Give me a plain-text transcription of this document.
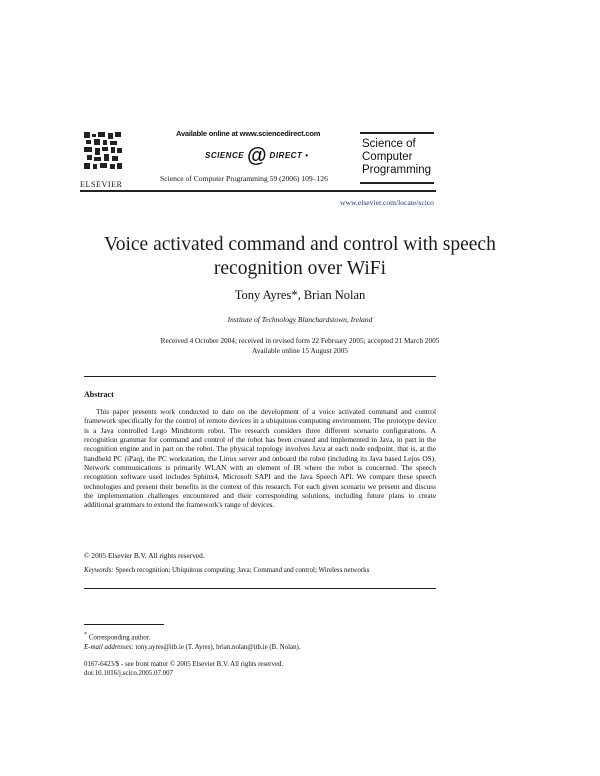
ELSEVIER
Available online at www.sciencedirect.com
SCIENCE @ DIRECT •
Science of Computer Programming 59 (2006) 109–126
Science of
Computer
Programming
www.elsevier.com/locate/scico
Voice activated command and control with speech recognition over WiFi
Tony Ayres*, Brian Nolan
Institute of Technology Blanchardstown, Ireland
Received 4 October 2004; received in revised form 22 February 2005; accepted 21 March 2005
Available online 15 August 2005
Abstract
This paper presents work conducted to date on the development of a voice activated command and control framework specifically for the control of remote devices in a ubiquitous computing environment. The prototype device is a Java controlled Lego Mindstorm robot. The research considers three different scenario configurations. A recognition grammar for command and control of the robot has been created and implemented in Java, in part in the recognition engine and in part on the robot. The physical topology involves Java at each node endpoint, that is, at the handheld PC (iPaq), the PC workstation, the Linux server and onboard the robot (including its Java based Lejos OS). Network communications is primarily WLAN with an element of IR where the robot is concerned. The speech recognition software used includes Sphinx4, Microsoft SAPI and the Java Speech API. We compare these speech technologies and present their benefits in the context of this research. For each given scenario we present and discuss the implementation challenges encountered and their corresponding solutions, including future plans to create additional grammars to extend the framework's range of devices.
© 2005 Elsevier B.V. All rights reserved.
Keywords: Speech recognition; Ubiquitous computing; Java; Command and control; Wireless networks
* Corresponding author.
E-mail addresses: tony.ayres@itb.ie (T. Ayres), brian.nolan@itb.ie (B. Nolan).
0167-6423/$ - see front matter © 2005 Elsevier B.V. All rights reserved.
doi:10.1016/j.scico.2005.07.007
